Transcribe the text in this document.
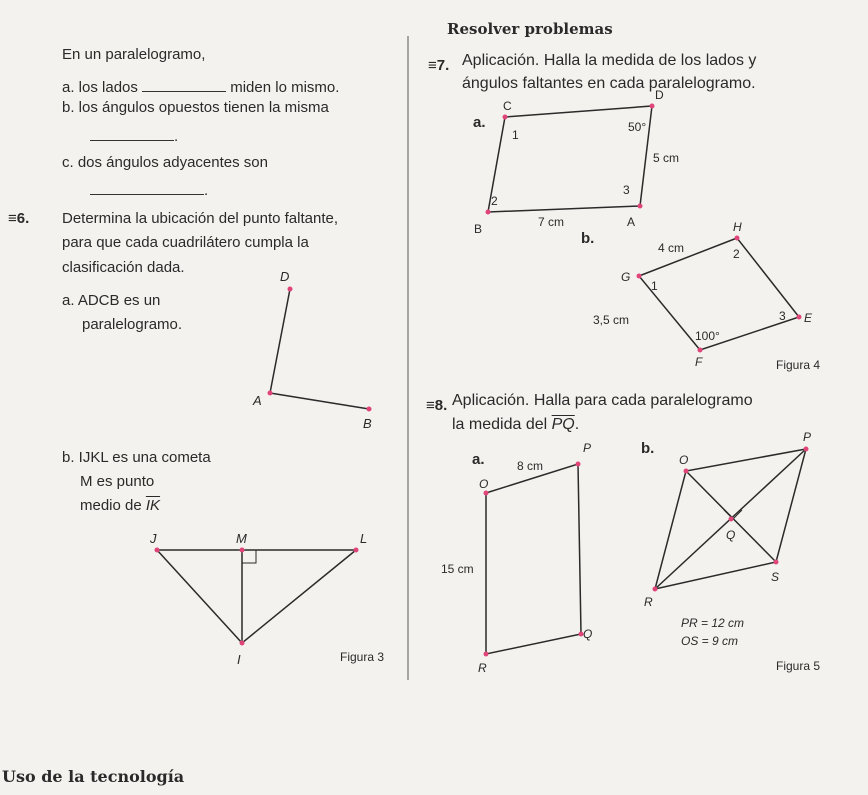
En un paralelogramo,
a. los lados	miden lo mismo.
b. los ángulos opuestos tienen la misma
.
c. dos ángulos adyacentes son
.
≡6. Determina la ubicación del punto faltante,
para que cada cuadrilátero cumpla la
clasificación dada.
a. ADCB es un
paralelogramo.
b. IJKL es una cometa
M es punto
medio de $\overline{IK}$
Figura 3
Resolver problemas
≡7. Aplicación. Halla la medida de los lados y
ángulos faltantes en cada paralelogramo.
a.
b.
Figura 4
≡8. Aplicación. Halla para cada paralelogramo
la medida del $\overline{PQ}$.
a.
b.
PR = 12 cm
OS = 9 cm
Figura 5
Uso de la tecnología
D
A
B
J	M	L
I
C
D
B	A
1
2
3
50°
5 cm
7 cm	H
G
E
F
1
2
3
4 cm
3,5 cm
100°
P
O
Q
R
8 cm
15 cm
P
O
Q
S
R
